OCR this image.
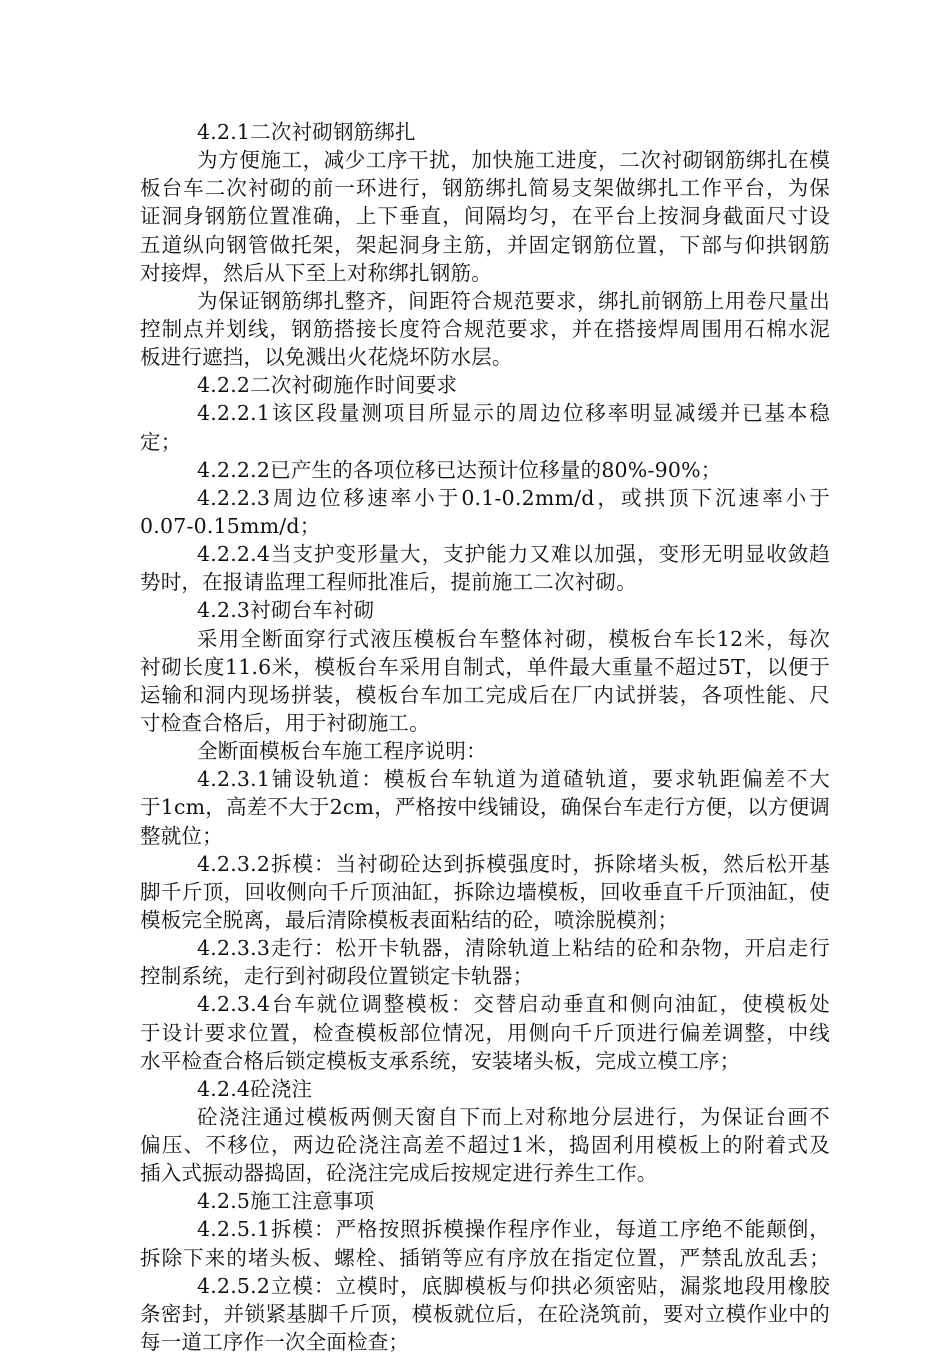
4.2.1二次衬砌钢筋绑扎
为方便施工，减少工序干扰，加快施工进度，二次衬砌钢筋绑扎在模
板台车二次衬砌的前一环进行，钢筋绑扎简易支架做绑扎工作平台，为保
证洞身钢筋位置准确，上下垂直，间隔均匀，在平台上按洞身截面尺寸设
五道纵向钢管做托架，架起洞身主筋，并固定钢筋位置，下部与仰拱钢筋
对接焊，然后从下至上对称绑扎钢筋。
为保证钢筋绑扎整齐，间距符合规范要求，绑扎前钢筋上用卷尺量出
控制点并划线，钢筋搭接长度符合规范要求，并在搭接焊周围用石棉水泥
板进行遮挡，以免溅出火花烧坏防水层。
4.2.2二次衬砌施作时间要求
4.2.2.1该区段量测项目所显示的周边位移率明显减缓并已基本稳
定；
4.2.2.2已产生的各项位移已达预计位移量的80%-90%；
4.2.2.3周边位移速率小于0.1-0.2mm/d，或拱顶下沉速率小于
0.07-0.15mm/d；
4.2.2.4当支护变形量大，支护能力又难以加强，变形无明显收敛趋
势时，在报请监理工程师批准后，提前施工二次衬砌。
4.2.3衬砌台车衬砌
采用全断面穿行式液压模板台车整体衬砌，模板台车长12米，每次
衬砌长度11.6米，模板台车采用自制式，单件最大重量不超过5T，以便于
运输和洞内现场拼装，模板台车加工完成后在厂内试拼装，各项性能、尺
寸检查合格后，用于衬砌施工。
全断面模板台车施工程序说明：
4.2.3.1铺设轨道：模板台车轨道为道碴轨道，要求轨距偏差不大
于1cm，高差不大于2cm，严格按中线铺设，确保台车走行方便，以方便调
整就位；
4.2.3.2拆模：当衬砌砼达到拆模强度时，拆除堵头板，然后松开基
脚千斤顶，回收侧向千斤顶油缸，拆除边墙模板，回收垂直千斤顶油缸，使
模板完全脱离，最后清除模板表面粘结的砼，喷涂脱模剂；
4.2.3.3走行：松开卡轨器，清除轨道上粘结的砼和杂物，开启走行
控制系统，走行到衬砌段位置锁定卡轨器；
4.2.3.4台车就位调整模板：交替启动垂直和侧向油缸，使模板处
于设计要求位置，检查模板部位情况，用侧向千斤顶进行偏差调整，中线
水平检查合格后锁定模板支承系统，安装堵头板，完成立模工序；
4.2.4砼浇注
砼浇注通过模板两侧天窗自下而上对称地分层进行，为保证台画不
偏压、不移位，两边砼浇注高差不超过1米，捣固利用模板上的附着式及
插入式振动器捣固，砼浇注完成后按规定进行养生工作。
4.2.5施工注意事项
4.2.5.1拆模：严格按照拆模操作程序作业，每道工序绝不能颠倒，
拆除下来的堵头板、螺栓、插销等应有序放在指定位置，严禁乱放乱丢；
4.2.5.2立模：立模时，底脚模板与仰拱必须密贴，漏浆地段用橡胶
条密封，并锁紧基脚千斤顶，模板就位后，在砼浇筑前，要对立模作业中的
每一道工序作一次全面检查；
